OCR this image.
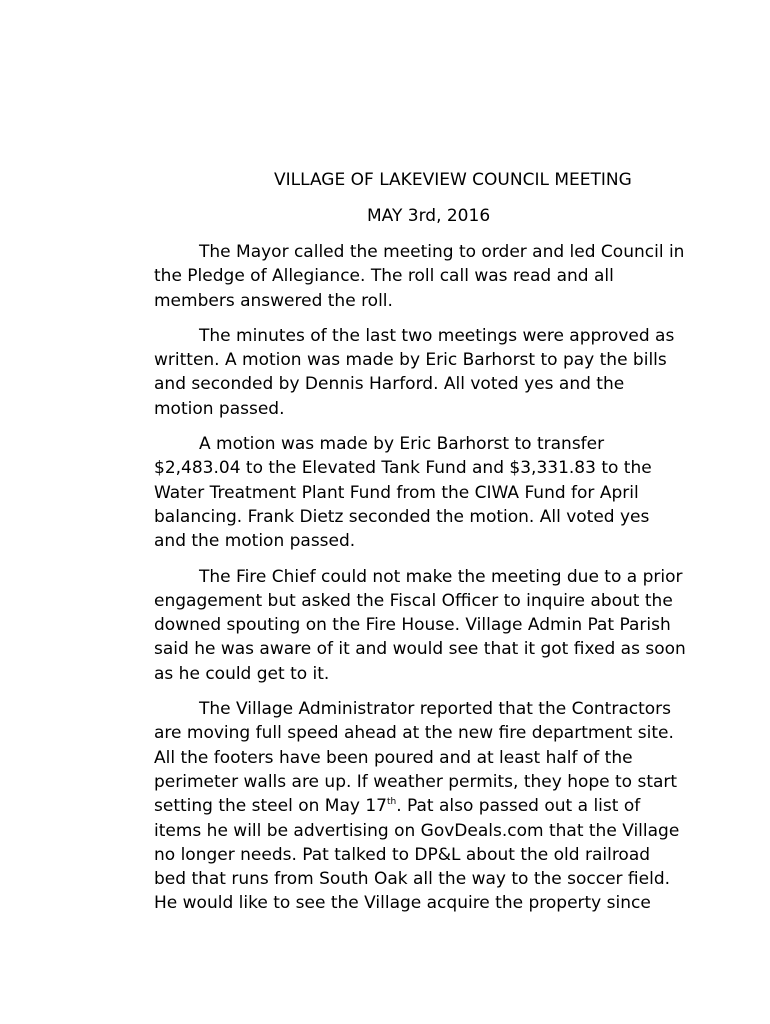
VILLAGE OF LAKEVIEW COUNCIL MEETING
MAY 3rd, 2016

The Mayor called the meeting to order and led Council in
the Pledge of Allegiance. The roll call was read and all
members answered the roll.

The minutes of the last two meetings were approved as
written. A motion was made by Eric Barhorst to pay the bills
and seconded by Dennis Harford. All voted yes and the
motion passed.

A motion was made by Eric Barhorst to transfer
$2,483.04 to the Elevated Tank Fund and $3,331.83 to the
Water Treatment Plant Fund from the CIWA Fund for April
balancing. Frank Dietz seconded the motion. All voted yes
and the motion passed.

The Fire Chief could not make the meeting due to a prior
engagement but asked the Fiscal Officer to inquire about the
downed spouting on the Fire House. Village Admin Pat Parish
said he was aware of it and would see that it got fixed as soon
as he could get to it.

The Village Administrator reported that the Contractors
are moving full speed ahead at the new fire department site.
All the footers have been poured and at least half of the
perimeter walls are up. If weather permits, they hope to start
setting the steel on May 17th. Pat also passed out a list of
items he will be advertising on GovDeals.com that the Village
no longer needs. Pat talked to DP&L about the old railroad
bed that runs from South Oak all the way to the soccer field.
He would like to see the Village acquire the property since
